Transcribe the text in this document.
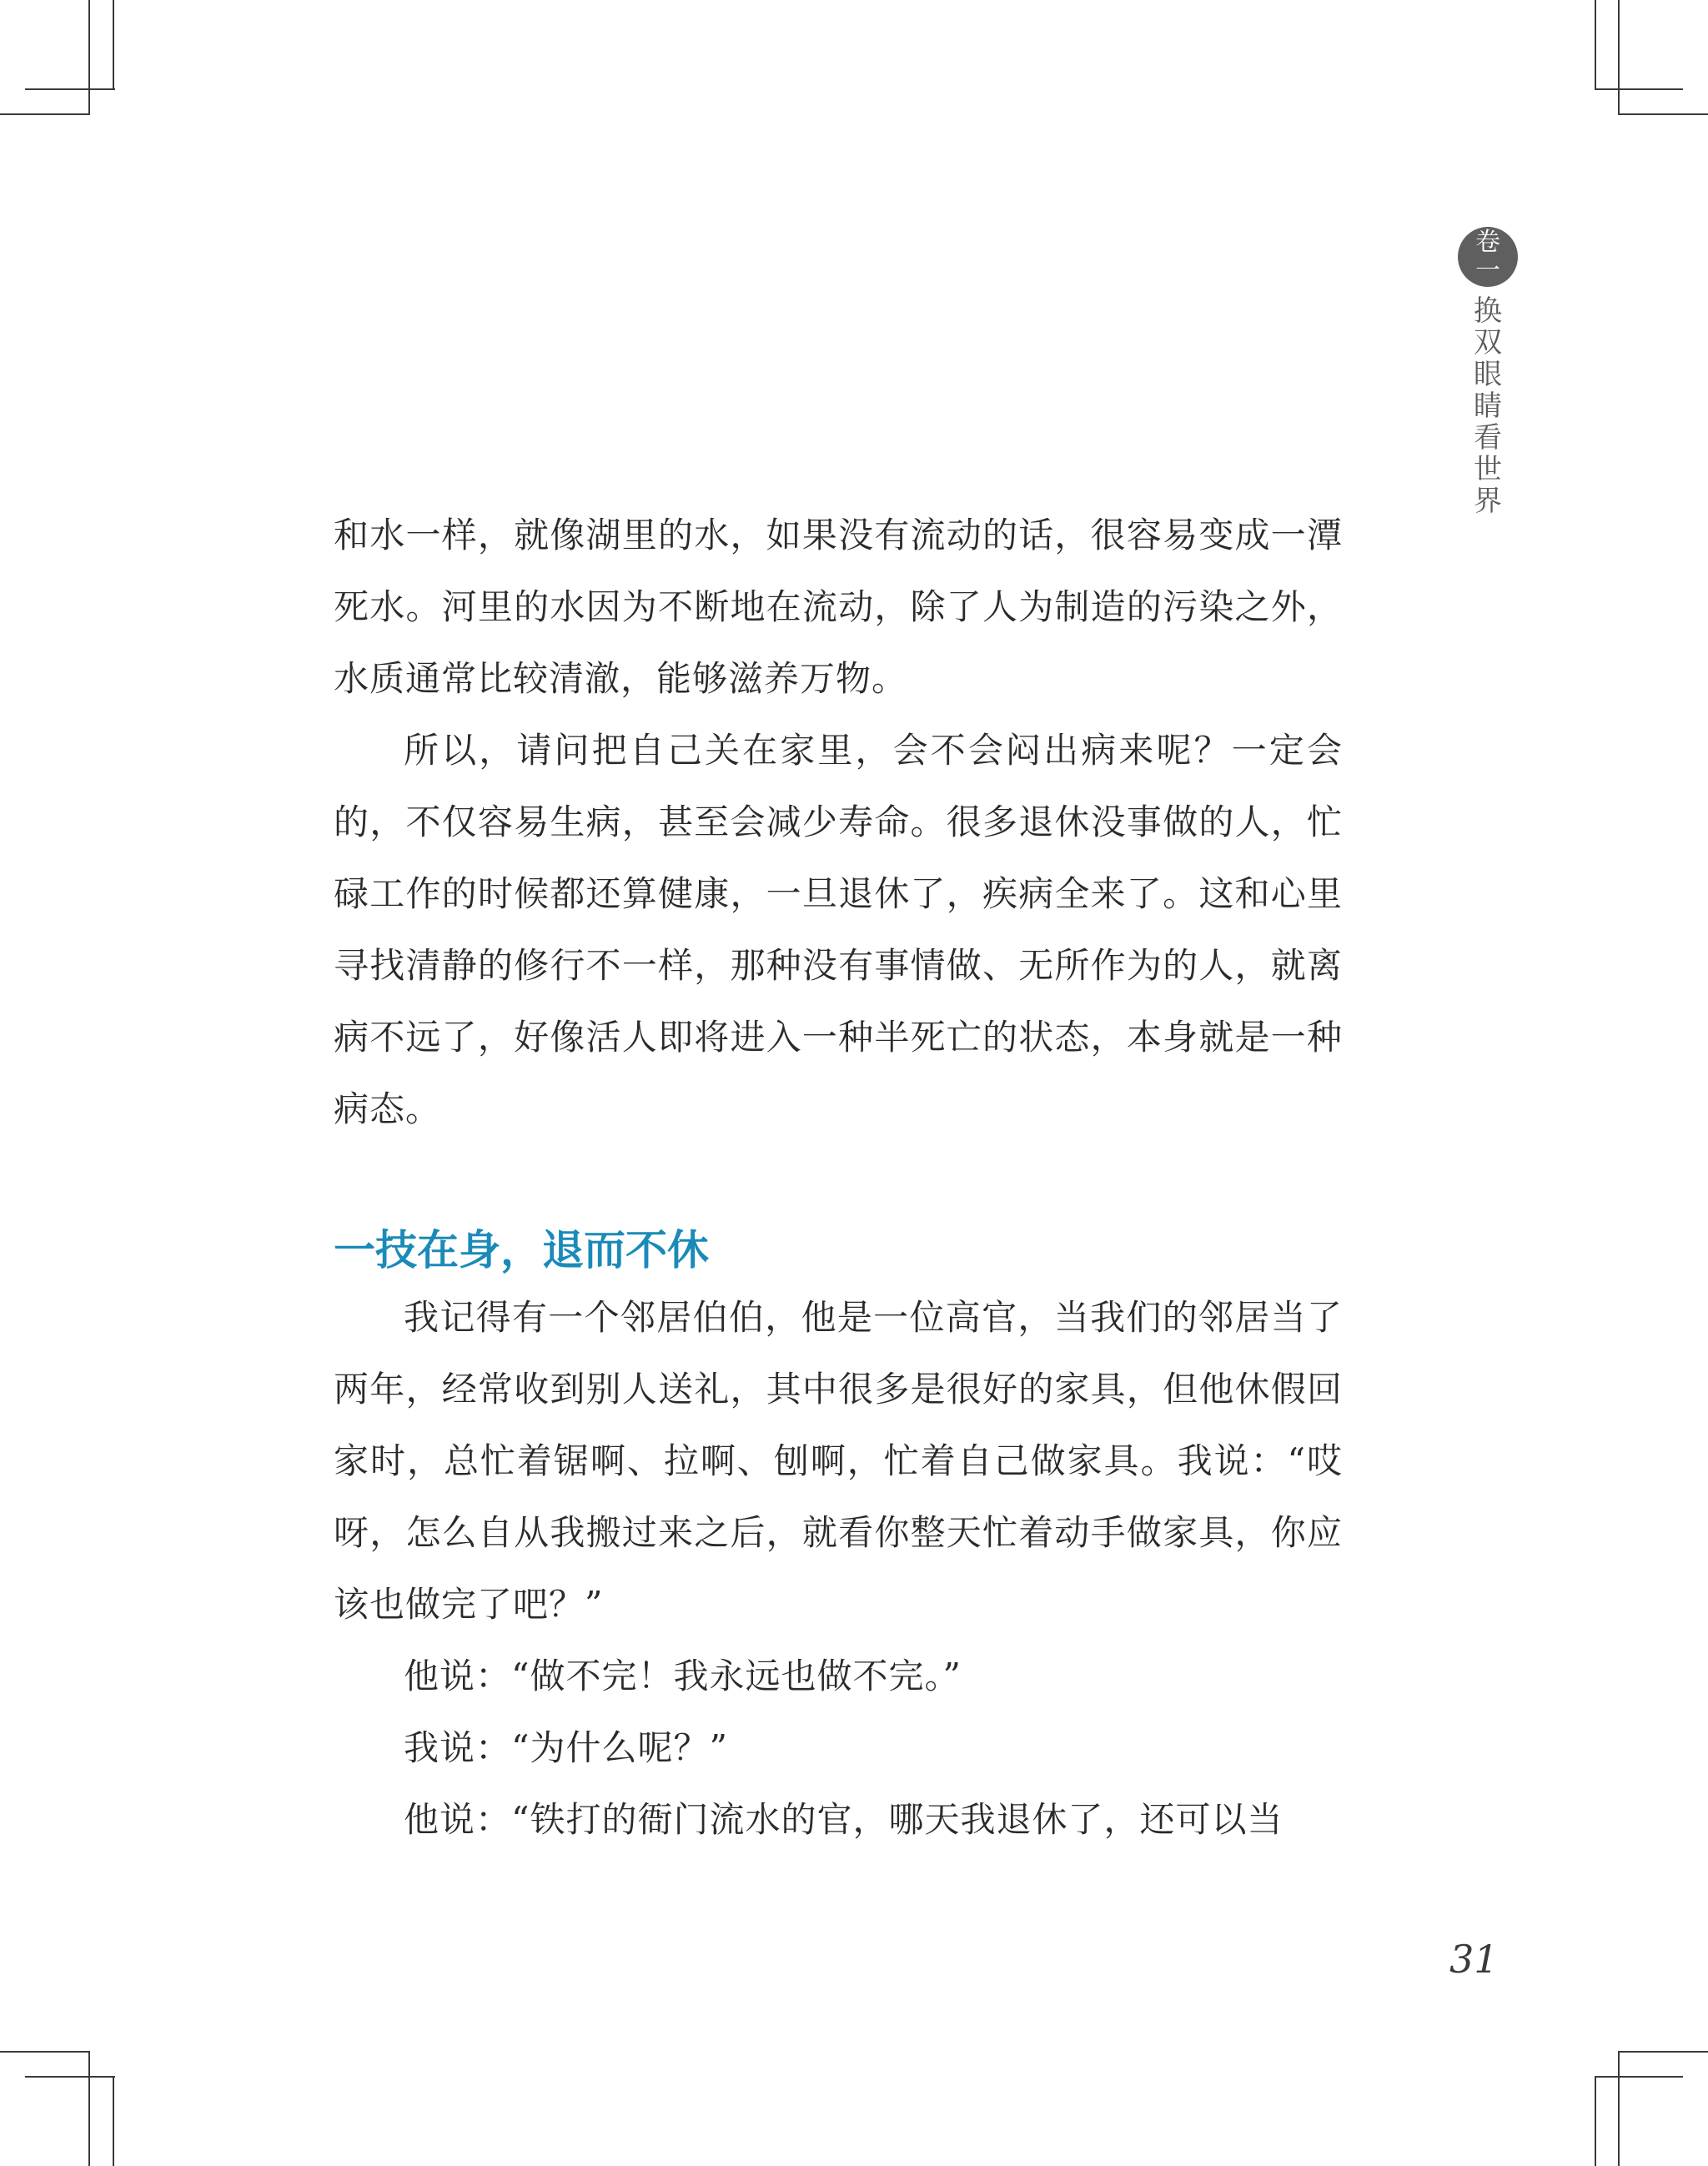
卷
一
换
双
眼
睛
看
世
界

和水一样，就像湖里的水，如果没有流动的话，很容易变成一潭死水。河里的水因为不断地在流动，除了人为制造的污染之外，水质通常比较清澈，能够滋养万物。

所以，请问把自己关在家里，会不会闷出病来呢？一定会的，不仅容易生病，甚至会减少寿命。很多退休没事做的人，忙碌工作的时候都还算健康，一旦退休了，疾病全来了。这和心里寻找清静的修行不一样，那种没有事情做、无所作为的人，就离病不远了，好像活人即将进入一种半死亡的状态，本身就是一种病态。

一技在身，退而不休

我记得有一个邻居伯伯，他是一位高官，当我们的邻居当了两年，经常收到别人送礼，其中很多是很好的家具，但他休假回家时，总忙着锯啊、拉啊、刨啊，忙着自己做家具。我说：“哎呀，怎么自从我搬过来之后，就看你整天忙着动手做家具，你应该也做完了吧？”

他说：“做不完！我永远也做不完。”

我说：“为什么呢？”

他说：“铁打的衙门流水的官，哪天我退休了，还可以当

31
